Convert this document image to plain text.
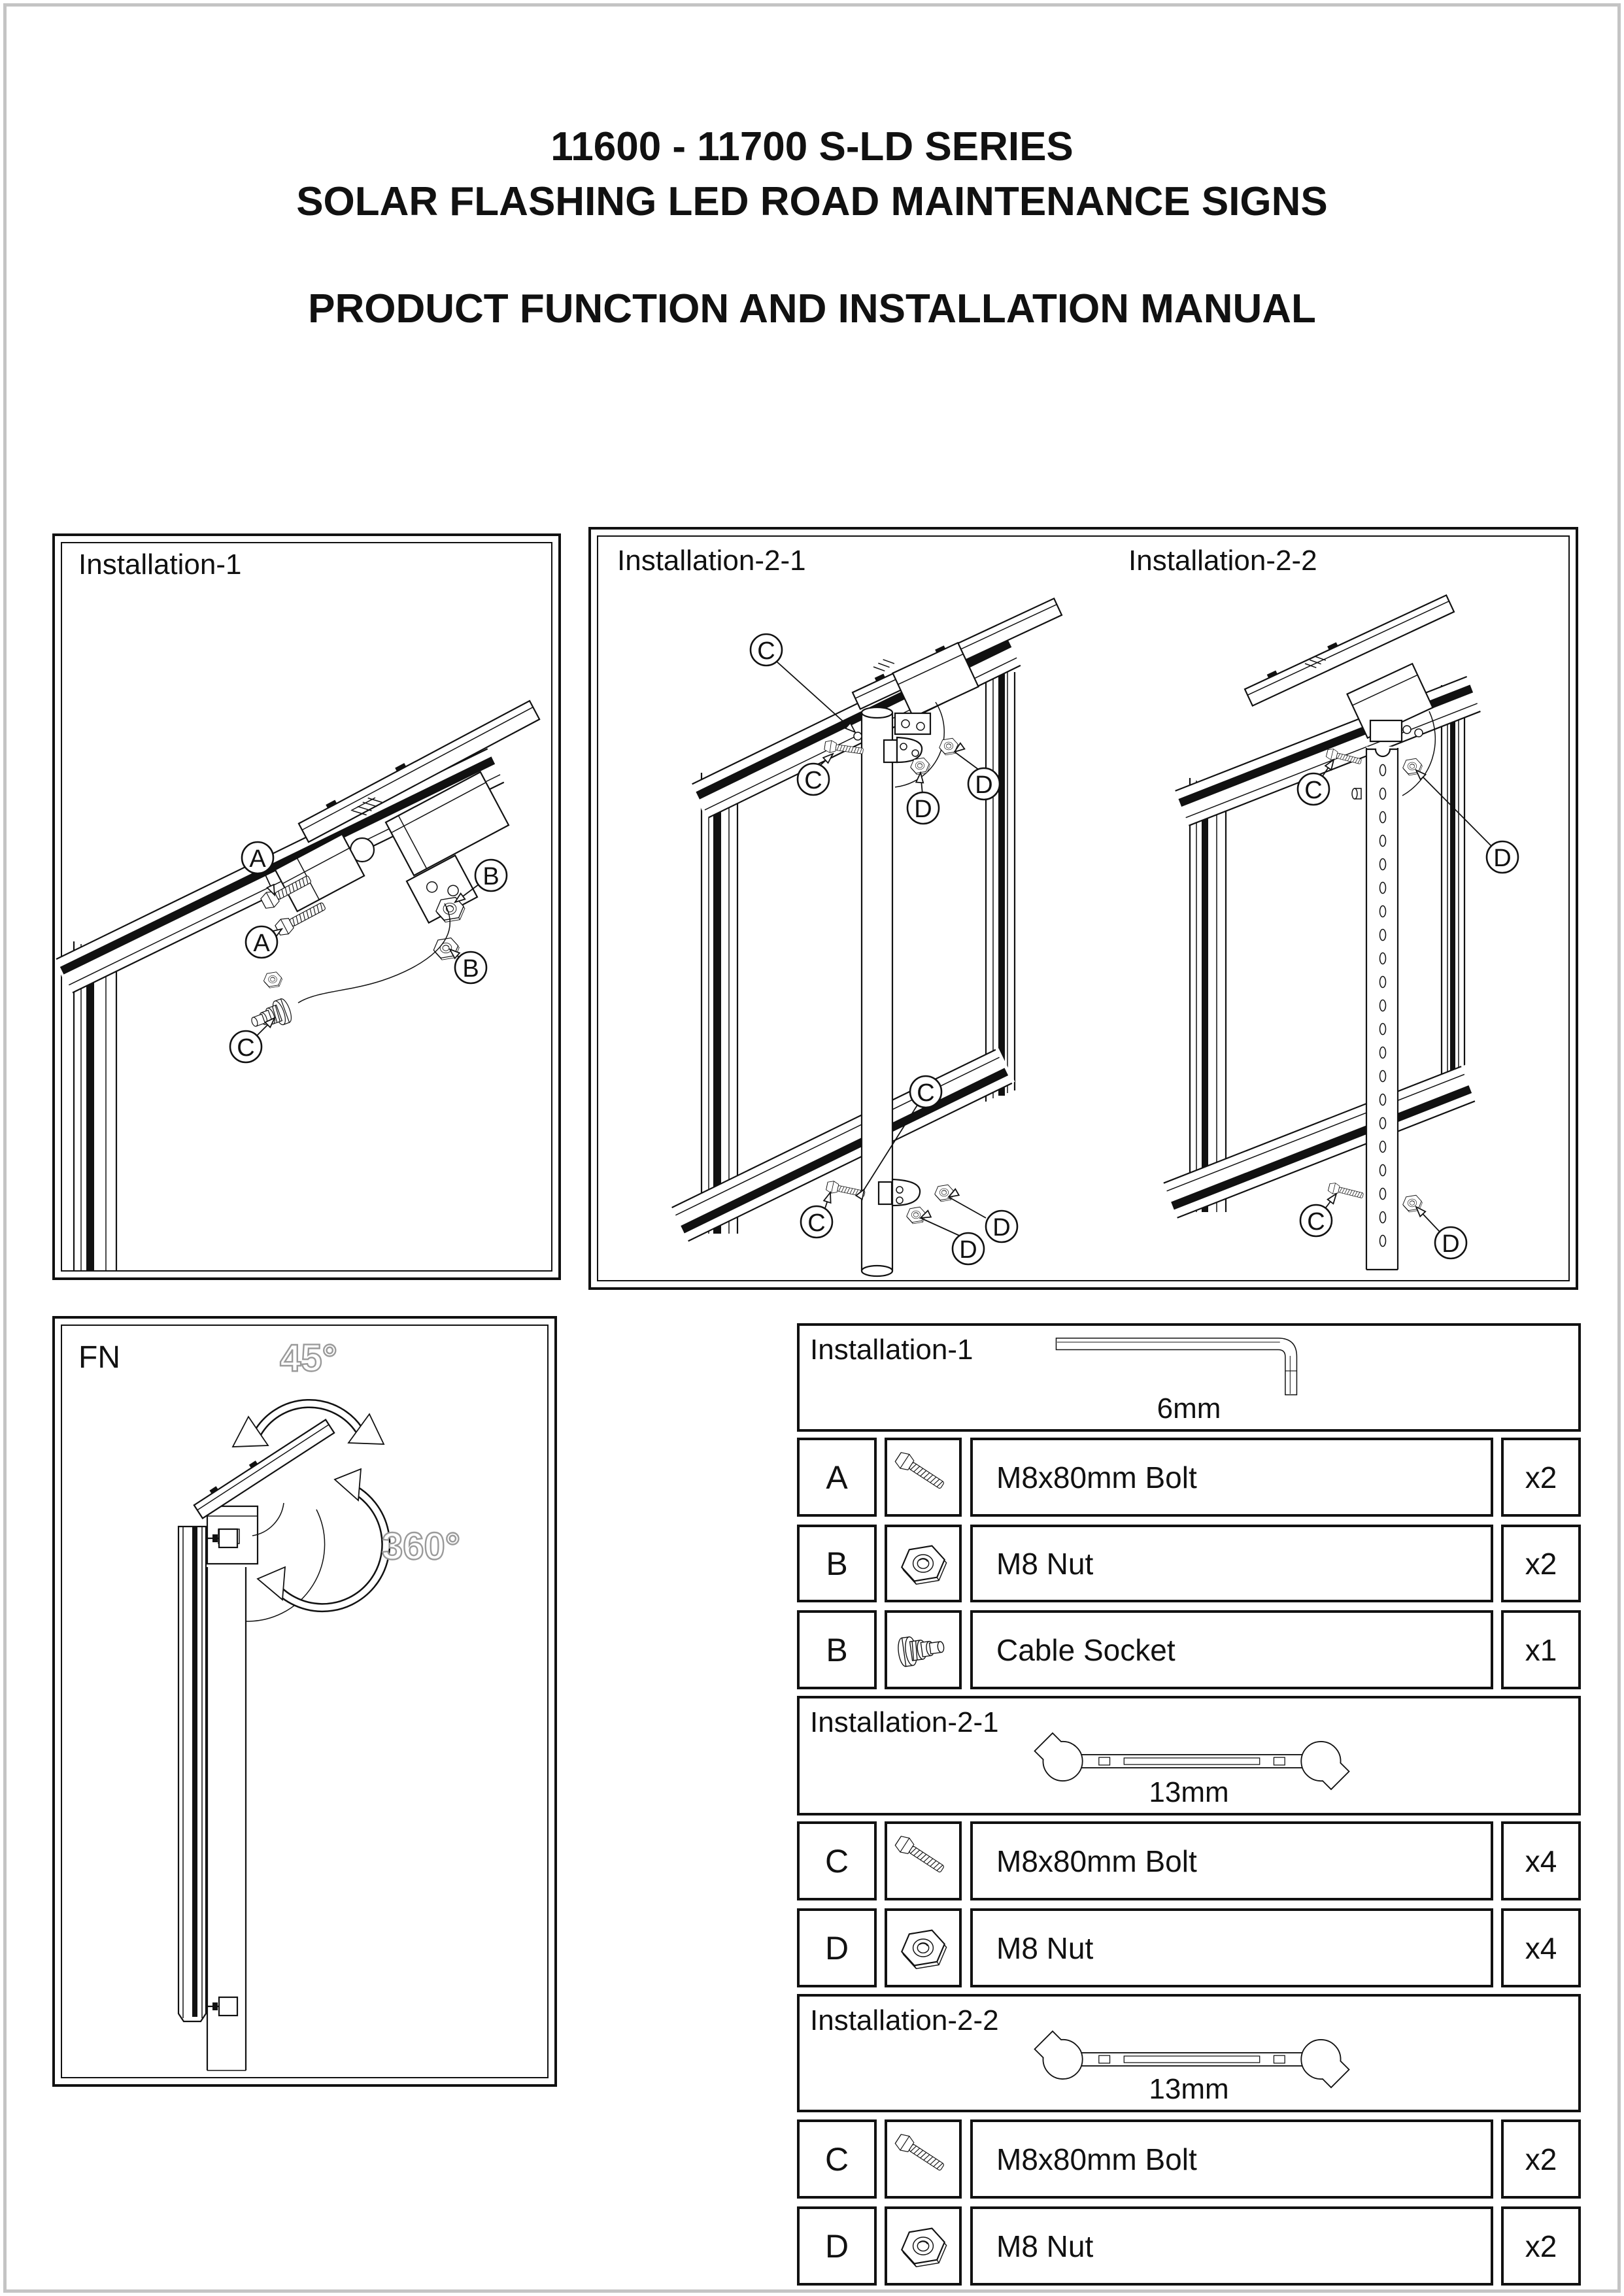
11600 - 11700 S-LD SERIES
SOLAR FLASHING LED ROAD MAINTENANCE SIGNS
PRODUCT FUNCTION AND INSTALLATION MANUAL
A
A
B
B
C
Installation-1
C
C	D
D
C
C
D
D
C
D
C
D
Installation-2-1	Installation-2-2
45°
360°
FN	Installation-1
6mm
A	M8x80mm Bolt	x2
B	M8 Nut	x2
B	Cable Socket	x1
Installation-2-1
13mm
C	M8x80mm Bolt	x4
D	M8 Nut	x4
Installation-2-2
13mm
C	M8x80mm Bolt	x2
D	M8 Nut	x2
